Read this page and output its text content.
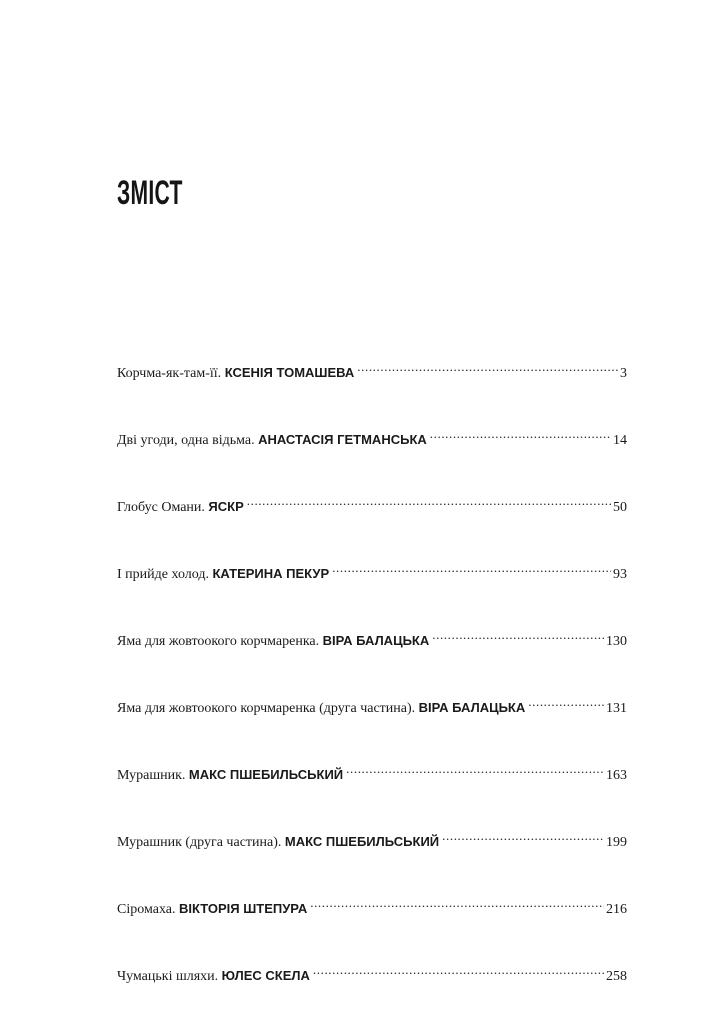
ЗМІСТ
Корчма-як-там-її.
КСЕНІЯ ТОМАШЕВА .....	3
Дві угоди, одна відьма.
АНАСТАСІЯ ГЕТМАНСЬКА .....	14
Глобус Омани.
ЯСКР .....	50
І прийде холод.
КАТЕРИНА ПЕКУР .....	93
Яма для жовтоокого корчмаренка.
ВІРА БАЛАЦЬКА .....	130
Яма для жовтоокого корчмаренка (друга частина).
ВІРА БАЛАЦЬКА .....	131
Мурашник.
МАКС ПШЕБИЛЬСЬКИЙ .....	163
Мурашник (друга частина).
МАКС ПШЕБИЛЬСЬКИЙ .....	199
Сіромаха.
ВІКТОРІЯ ШТЕПУРА .....	216
Чумацькі шляхи.
ЮЛЕС СКЕЛА .....	258
